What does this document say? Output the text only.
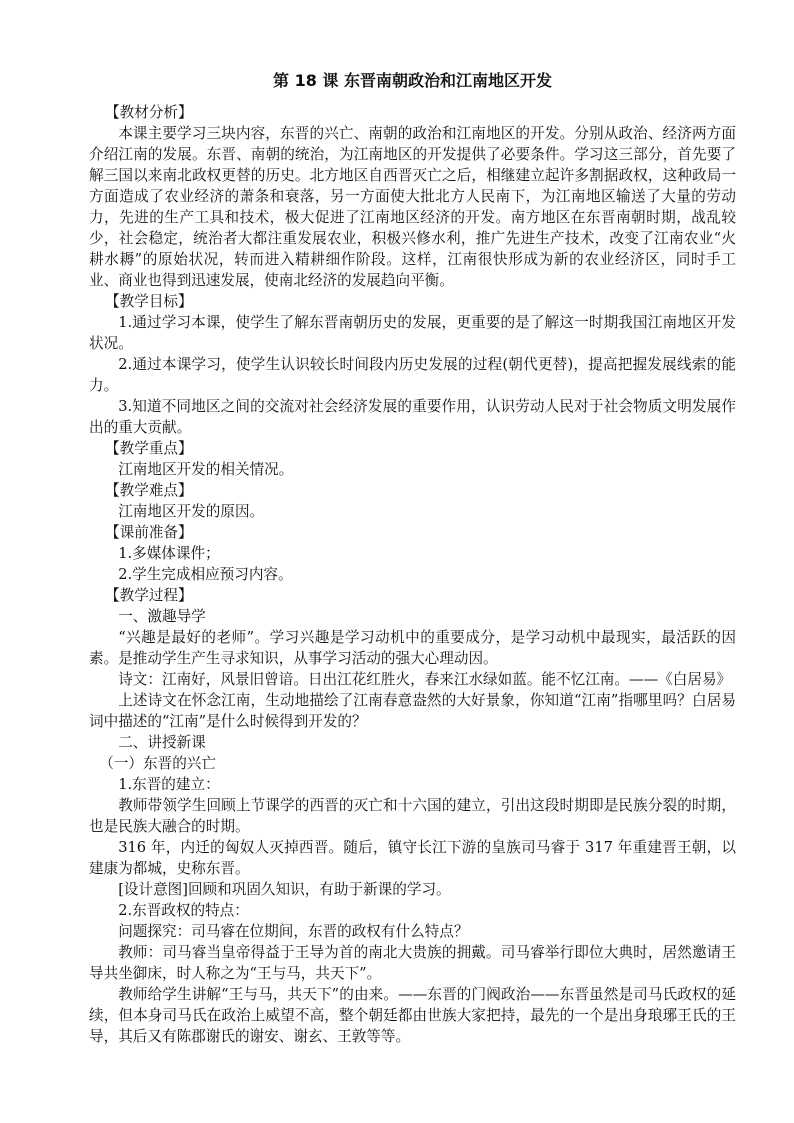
第 18 课 东晋南朝政治和江南地区开发

【教材分析】

本课主要学习三块内容，东晋的兴亡、南朝的政治和江南地区的开发。分别从政治、经济两方面介绍江南的发展。东晋、南朝的统治，为江南地区的开发提供了必要条件。学习这三部分，首先要了解三国以来南北政权更替的历史。北方地区自西晋灭亡之后，相继建立起许多割据政权，这种政局一方面造成了农业经济的萧条和衰落，另一方面使大批北方人民南下，为江南地区输送了大量的劳动力，先进的生产工具和技术，极大促进了江南地区经济的开发。南方地区在东晋南朝时期，战乱较少，社会稳定，统治者大都注重发展农业，积极兴修水利，推广先进生产技术，改变了江南农业“火耕水耨”的原始状况，转而进入精耕细作阶段。这样，江南很快形成为新的农业经济区，同时手工业、商业也得到迅速发展，使南北经济的发展趋向平衡。

【教学目标】

1.通过学习本课，使学生了解东晋南朝历史的发展，更重要的是了解这一时期我国江南地区开发状况。

2.通过本课学习，使学生认识较长时间段内历史发展的过程(朝代更替)，提高把握发展线索的能力。

3.知道不同地区之间的交流对社会经济发展的重要作用，认识劳动人民对于社会物质文明发展作出的重大贡献。

【教学重点】

江南地区开发的相关情况。

【教学难点】

江南地区开发的原因。

【课前准备】

1.多媒体课件；

2.学生完成相应预习内容。

【教学过程】

一、激趣导学

“兴趣是最好的老师”。学习兴趣是学习动机中的重要成分，是学习动机中最现实，最活跃的因素。是推动学生产生寻求知识，从事学习活动的强大心理动因。

诗文：江南好，风景旧曾谙。日出江花红胜火，春来江水绿如蓝。能不忆江南。——《白居易》

上述诗文在怀念江南，生动地描绘了江南春意盎然的大好景象，你知道“江南”指哪里吗？白居易词中描述的“江南”是什么时候得到开发的？

二、讲授新课

（一）东晋的兴亡

1.东晋的建立：

教师带领学生回顾上节课学的西晋的灭亡和十六国的建立，引出这段时期即是民族分裂的时期，也是民族大融合的时期。

316 年，内迁的匈奴人灭掉西晋。随后，镇守长江下游的皇族司马睿于 317 年重建晋王朝，以建康为都城，史称东晋。

[设计意图]回顾和巩固久知识，有助于新课的学习。

2.东晋政权的特点：

问题探究：司马睿在位期间，东晋的政权有什么特点？

教师：司马睿当皇帝得益于王导为首的南北大贵族的拥戴。司马睿举行即位大典时，居然邀请王导共坐御床，时人称之为“王与马，共天下”。

教师给学生讲解“王与马，共天下”的由来。——东晋的门阀政治——东晋虽然是司马氏政权的延续，但本身司马氏在政治上威望不高，整个朝廷都由世族大家把持，最先的一个是出身琅琊王氏的王导，其后又有陈郡谢氏的谢安、谢玄、王敦等等。
